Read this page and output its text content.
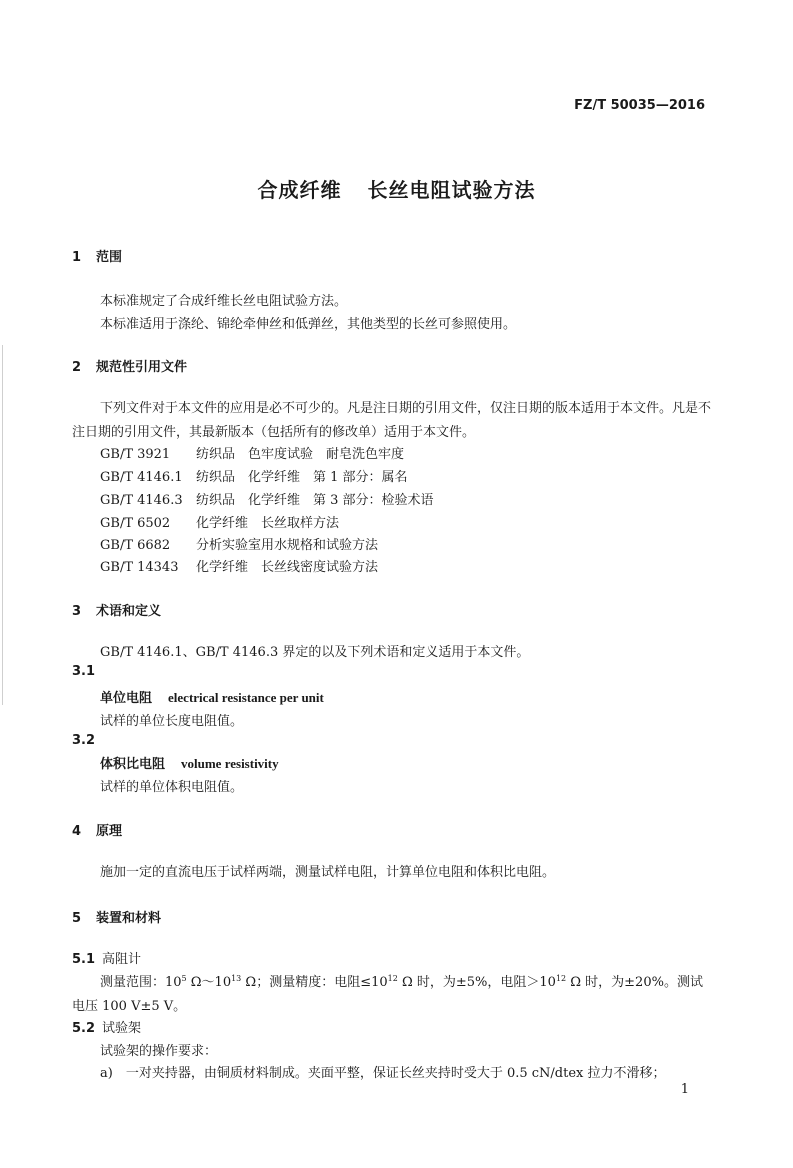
FZ/T 50035—2016
合成纤维 长丝电阻试验方法
1 范围
本标准规定了合成纤维长丝电阻试验方法。
本标准适用于涤纶、锦纶牵伸丝和低弹丝，其他类型的长丝可参照使用。
2 规范性引用文件
下列文件对于本文件的应用是必不可少的。凡是注日期的引用文件，仅注日期的版本适用于本文件。凡是不注日期的引用文件，其最新版本（包括所有的修改单）适用于本文件。
GB/T 3921 纺织品　色牢度试验　耐皂洗色牢度
GB/T 4146.1 纺织品　化学纤维　第 1 部分：属名
GB/T 4146.3 纺织品　化学纤维　第 3 部分：检验术语
GB/T 6502 化学纤维　长丝取样方法
GB/T 6682 分析实验室用水规格和试验方法
GB/T 14343 化学纤维　长丝线密度试验方法
3 术语和定义
GB/T 4146.1、GB/T 4146.3 界定的以及下列术语和定义适用于本文件。
3.1
单位电阻 electrical resistance per unit
试样的单位长度电阻值。
3.2
体积比电阻 volume resistivity
试样的单位体积电阻值。
4 原理
施加一定的直流电压于试样两端，测量试样电阻，计算单位电阻和体积比电阻。
5 装置和材料
5.1 高阻计
测量范围：$10^5$ $\Omega\sim 10^{13}$ Ω；测量精度：电阻$\le 10^{12}$ Ω 时，为±5%，电阻$>10^{12}$ Ω 时，为±20%。测试电压 100 V±5 V。
5.2 试验架
试验架的操作要求：
a)　一对夹持器，由铜质材料制成。夹面平整，保证长丝夹持时受大于 0.5 cN/dtex 拉力不滑移；
1
